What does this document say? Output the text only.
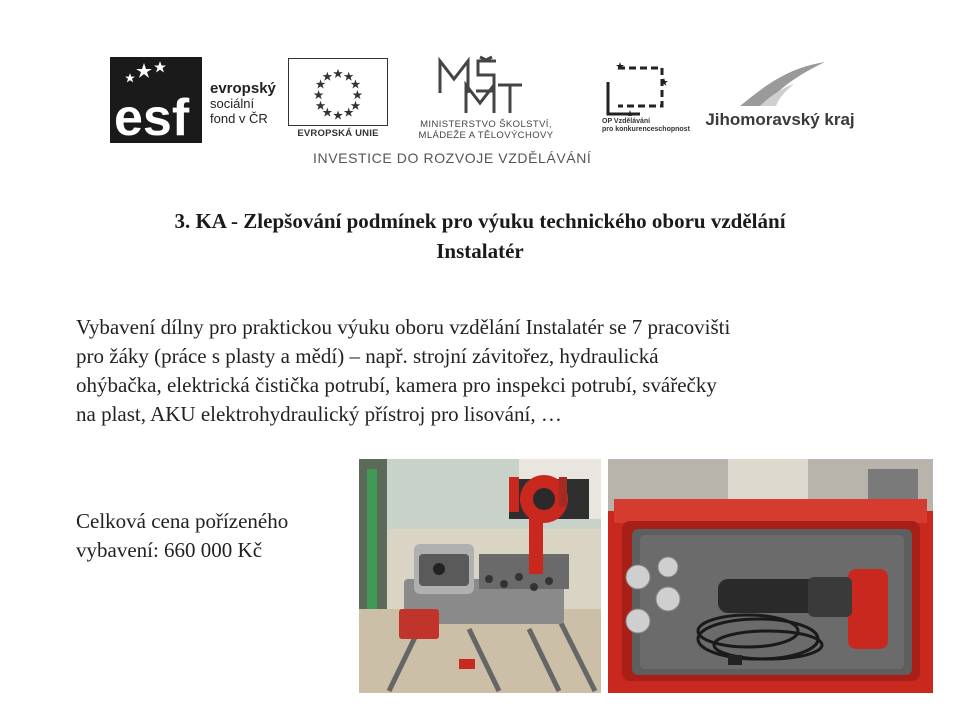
esf
evropský
sociální
fond v ČR
EVROPSKÁ UNIE
MINISTERSTVO ŠKOLSTVÍ,
MLÁDEŽE A TĚLOVÝCHOVY
OP Vzdělávání
pro konkurenceschopnost
Jihomoravský kraj
INVESTICE DO ROZVOJE VZDĚLÁVÁNÍ
3. KA - Zlepšování podmínek pro výuku technického oboru vzdělání
Instalatér
Vybavení dílny pro praktickou výuku oboru vzdělání Instalatér se 7 pracovišti
pro žáky (práce s plasty a mědí) – např. strojní závitořez, hydraulická
ohýbačka, elektrická čistička potrubí, kamera pro inspekci potrubí, svářečky
na plast, AKU elektrohydraulický přístroj pro lisování, …
Celková cena pořízeného
vybavení: 660 000 Kč
